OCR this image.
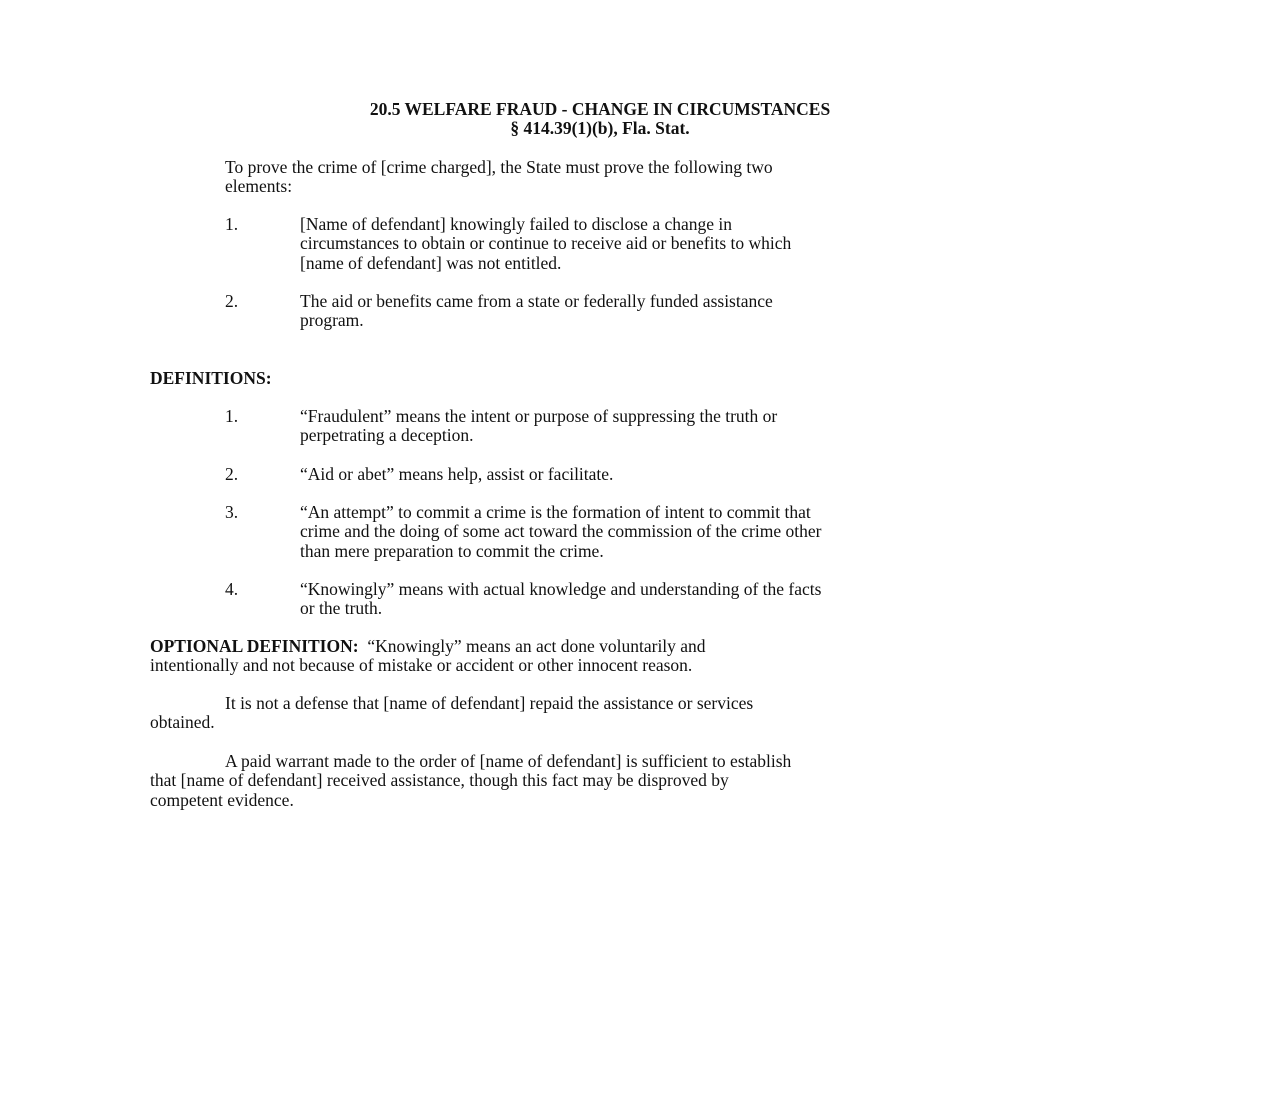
20.5 WELFARE FRAUD - CHANGE IN CIRCUMSTANCES
§ 414.39(1)(b), Fla. Stat.
To prove the crime of [crime charged], the State must prove the following two
elements:
1.	[Name of defendant] knowingly failed to disclose a change in
circumstances to obtain or continue to receive aid or benefits to which
[name of defendant] was not entitled.
2.	The aid or benefits came from a state or federally funded assistance
program.
DEFINITIONS:
1.	“Fraudulent” means the intent or purpose of suppressing the truth or
perpetrating a deception.
2.	“Aid or abet” means help, assist or facilitate.
3.	“An attempt” to commit a crime is the formation of intent to commit that
crime and the doing of some act toward the commission of the crime other
than mere preparation to commit the crime.
4.	“Knowingly” means with actual knowledge and understanding of the facts
or the truth.
OPTIONAL DEFINITION: “Knowingly” means an act done voluntarily and
intentionally and not because of mistake or accident or other innocent reason.
It is not a defense that [name of defendant] repaid the assistance or services
obtained.
A paid warrant made to the order of [name of defendant] is sufficient to establish
that [name of defendant] received assistance, though this fact may be disproved by
competent evidence.
